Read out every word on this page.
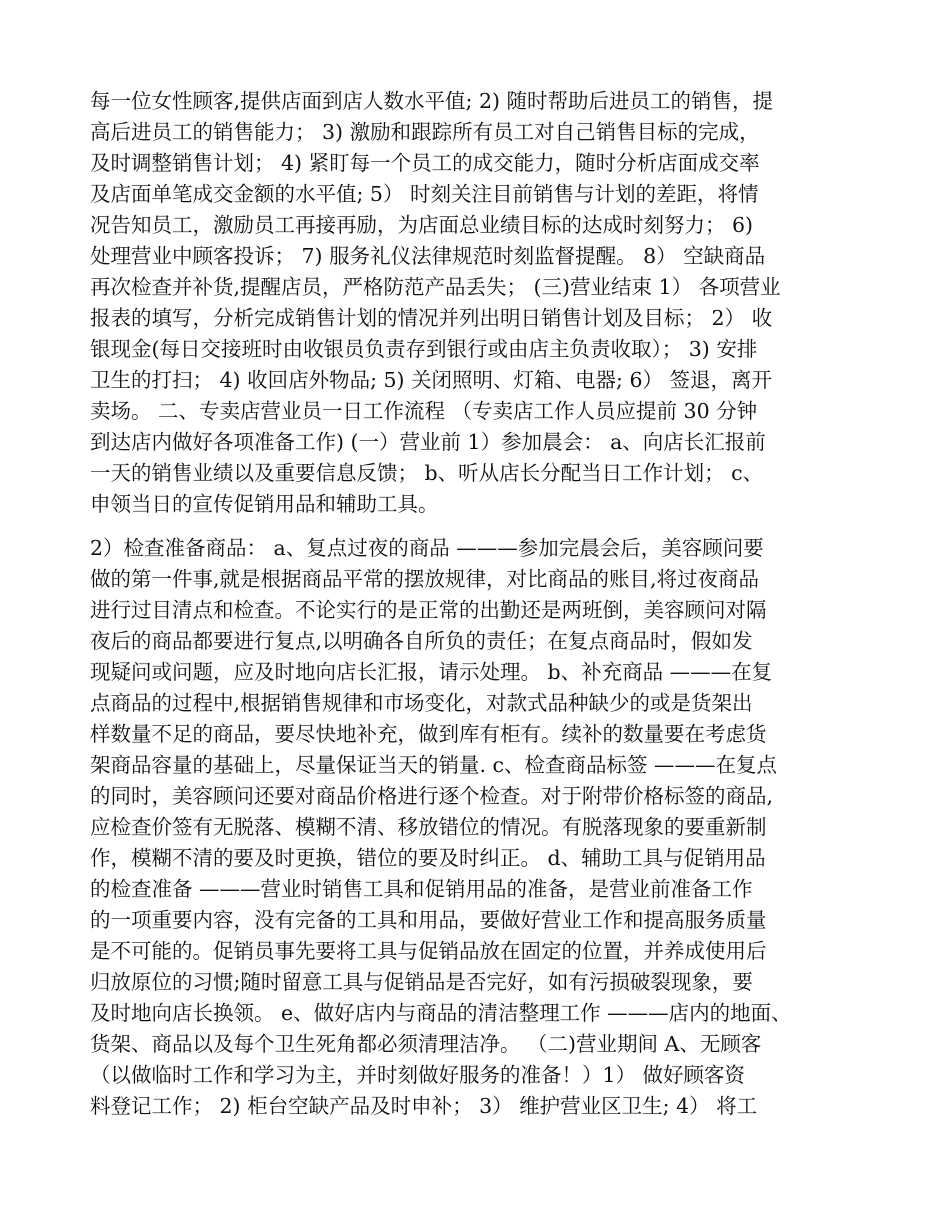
每一位女性顾客,提供店面到店人数水平值; 2) 随时帮助后进员工的销售，提
高后进员工的销售能力； 3) 激励和跟踪所有员工对自己销售目标的完成，
及时调整销售计划； 4) 紧盯每一个员工的成交能力，随时分析店面成交率
及店面单笔成交金额的水平值; 5） 时刻关注目前销售与计划的差距，将情
况告知员工，激励员工再接再励，为店面总业绩目标的达成时刻努力； 6)
处理营业中顾客投诉； 7) 服务礼仪法律规范时刻监督提醒。 8） 空缺商品
再次检查并补货,提醒店员，严格防范产品丢失； (三)营业结束 1） 各项营业
报表的填写，分析完成销售计划的情况并列出明日销售计划及目标； 2） 收
银现金(每日交接班时由收银员负责存到银行或由店主负责收取）； 3) 安排
卫生的打扫； 4) 收回店外物品; 5) 关闭照明、灯箱、电器; 6） 签退，离开
卖场。 二、专卖店营业员一日工作流程 （专卖店工作人员应提前 30 分钟
到达店内做好各项准备工作) (一）营业前 1）参加晨会： a、向店长汇报前
一天的销售业绩以及重要信息反馈； b、听从店长分配当日工作计划； c、
申领当日的宣传促销用品和辅助工具。
2）检查准备商品： a、复点过夜的商品 ———参加完晨会后，美容顾问要
做的第一件事,就是根据商品平常的摆放规律，对比商品的账目,将过夜商品
进行过目清点和检查。不论实行的是正常的出勤还是两班倒，美容顾问对隔
夜后的商品都要进行复点,以明确各自所负的责任；在复点商品时，假如发
现疑问或问题，应及时地向店长汇报，请示处理。 b、补充商品 ———在复
点商品的过程中,根据销售规律和市场变化，对款式品种缺少的或是货架出
样数量不足的商品，要尽快地补充，做到库有柜有。续补的数量要在考虑货
架商品容量的基础上，尽量保证当天的销量. c、检查商品标签 ———在复点
的同时，美容顾问还要对商品价格进行逐个检查。对于附带价格标签的商品,
应检查价签有无脱落、模糊不清、移放错位的情况。有脱落现象的要重新制
作，模糊不清的要及时更换，错位的要及时纠正。 d、辅助工具与促销用品
的检查准备 ———营业时销售工具和促销用品的准备，是营业前准备工作
的一项重要内容，没有完备的工具和用品，要做好营业工作和提高服务质量
是不可能的。促销员事先要将工具与促销品放在固定的位置，并养成使用后
归放原位的习惯;随时留意工具与促销品是否完好，如有污损破裂现象，要
及时地向店长换领。 e、做好店内与商品的清洁整理工作 ———店内的地面、
货架、商品以及每个卫生死角都必须清理洁净。 （二)营业期间 A、无顾客
（以做临时工作和学习为主，并时刻做好服务的准备！）1） 做好顾客资
料登记工作； 2) 柜台空缺产品及时申补； 3） 维护营业区卫生; 4） 将工
